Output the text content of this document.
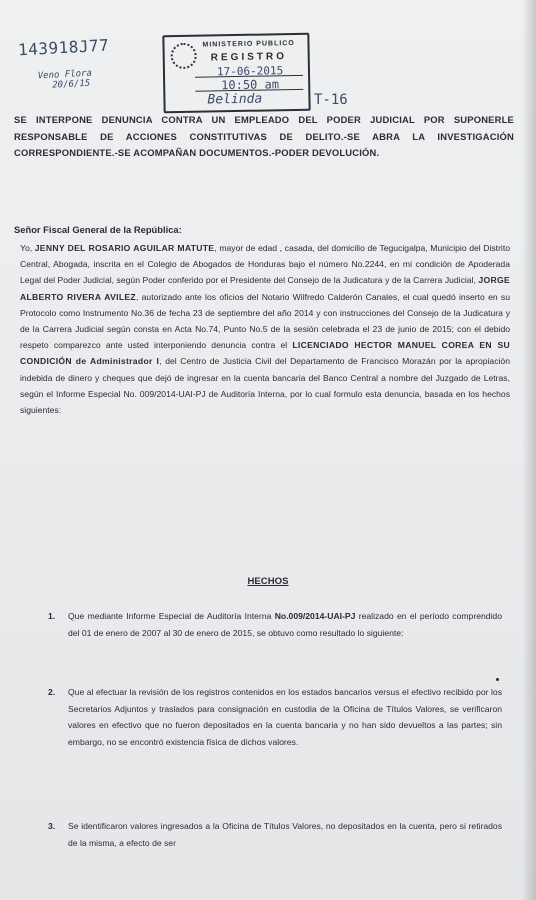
143918J77
Veno Flora
20/6/15
MINISTERIO PUBLICO
REGISTRO
17-06-2015
10:50 am
Belinda	T-16
SE INTERPONE DENUNCIA CONTRA UN EMPLEADO DEL PODER JUDICIAL POR SUPONERLE RESPONSABLE DE ACCIONES CONSTITUTIVAS DE DELITO.-SE ABRA LA INVESTIGACIÓN CORRESPONDIENTE.-SE ACOMPAÑAN DOCUMENTOS.-PODER DEVOLUCIÓN.
Señor Fiscal General de la República:
Yo, JENNY DEL ROSARIO AGUILAR MATUTE, mayor de edad , casada, del domicilio de Tegucigalpa, Municipio del Distrito Central, Abogada, inscrita en el Colegio de Abogados de Honduras bajo el número No.2244, en mi condición de Apoderada Legal del Poder Judicial, según Poder conferido por el Presidente del Consejo de la Judicatura y de la Carrera Judicial, JORGE ALBERTO RIVERA AVILEZ, autorizado ante los oficios del Notario Wilfredo Calderón Canales, el cual quedó inserto en su Protocolo como Instrumento No.36 de fecha 23 de septiembre del año 2014 y con instrucciones del Consejo de la Judicatura y de la Carrera Judicial según consta en Acta No.74, Punto No.5 de la sesión celebrada el 23 de junio de 2015; con el debido respeto comparezco ante usted interponiendo denuncia contra el LICENCIADO HECTOR MANUEL COREA EN SU CONDICIÓN de Administrador I, del Centro de Justicia Civil del Departamento de Francisco Morazán por la apropiación indebida de dinero y cheques que dejó de ingresar en la cuenta bancaria del Banco Central a nombre del Juzgado de Letras, según el Informe Especial No. 009/2014-UAI-PJ de Auditoría Interna, por lo cual formulo esta denuncia, basada en los hechos siguientes:
HECHOS
1. Que mediante Informe Especial de Auditoría Interna No.009/2014-UAI-PJ realizado en el período comprendido del 01 de enero de 2007 al 30 de enero de 2015, se obtuvo como resultado lo siguiente:
2. Que al efectuar la revisión de los registros contenidos en los estados bancarios versus el efectivo recibido por los Secretarios Adjuntos y traslados para consignación en custodia de la Oficina de Títulos Valores, se verificaron valores en efectivo que no fueron depositados en la cuenta bancaria y no han sido devueltos a las partes; sin embargo, no se encontró existencia física de dichos valores.
3. Se identificaron valores ingresados a la Oficina de Títulos Valores, no depositados en la cuenta, pero si retirados de la misma, a efecto de ser
